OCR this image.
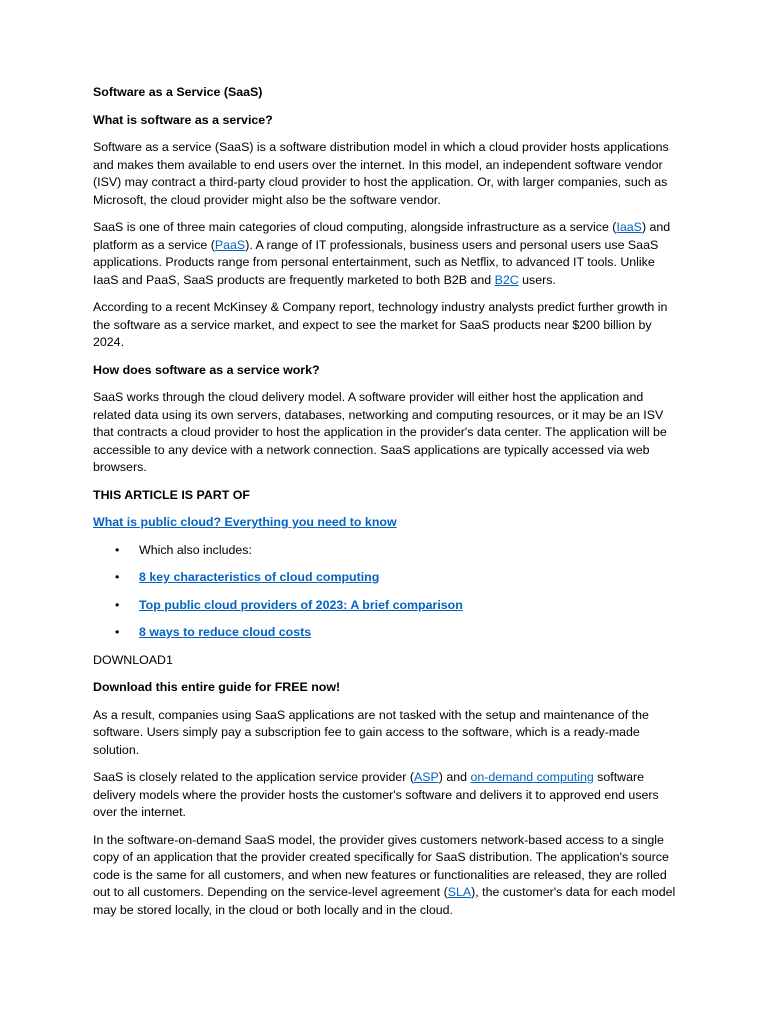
Software as a Service (SaaS)

What is software as a service?

Software as a service (SaaS) is a software distribution model in which a cloud provider hosts applications and makes them available to end users over the internet. In this model, an independent software vendor (ISV) may contract a third-party cloud provider to host the application. Or, with larger companies, such as Microsoft, the cloud provider might also be the software vendor.

SaaS is one of three main categories of cloud computing, alongside infrastructure as a service (IaaS) and platform as a service (PaaS). A range of IT professionals, business users and personal users use SaaS applications. Products range from personal entertainment, such as Netflix, to advanced IT tools. Unlike IaaS and PaaS, SaaS products are frequently marketed to both B2B and B2C users.

According to a recent McKinsey & Company report, technology industry analysts predict further growth in the software as a service market, and expect to see the market for SaaS products near $200 billion by 2024.

How does software as a service work?

SaaS works through the cloud delivery model. A software provider will either host the application and related data using its own servers, databases, networking and computing resources, or it may be an ISV that contracts a cloud provider to host the application in the provider's data center. The application will be accessible to any device with a network connection. SaaS applications are typically accessed via web browsers.

THIS ARTICLE IS PART OF

What is public cloud? Everything you need to know

• Which also includes:
• 8 key characteristics of cloud computing
• Top public cloud providers of 2023: A brief comparison
• 8 ways to reduce cloud costs

DOWNLOAD1

Download this entire guide for FREE now!

As a result, companies using SaaS applications are not tasked with the setup and maintenance of the software. Users simply pay a subscription fee to gain access to the software, which is a ready-made solution.

SaaS is closely related to the application service provider (ASP) and on-demand computing software delivery models where the provider hosts the customer's software and delivers it to approved end users over the internet.

In the software-on-demand SaaS model, the provider gives customers network-based access to a single copy of an application that the provider created specifically for SaaS distribution. The application's source code is the same for all customers, and when new features or functionalities are released, they are rolled out to all customers. Depending on the service-level agreement (SLA), the customer's data for each model may be stored locally, in the cloud or both locally and in the cloud.
